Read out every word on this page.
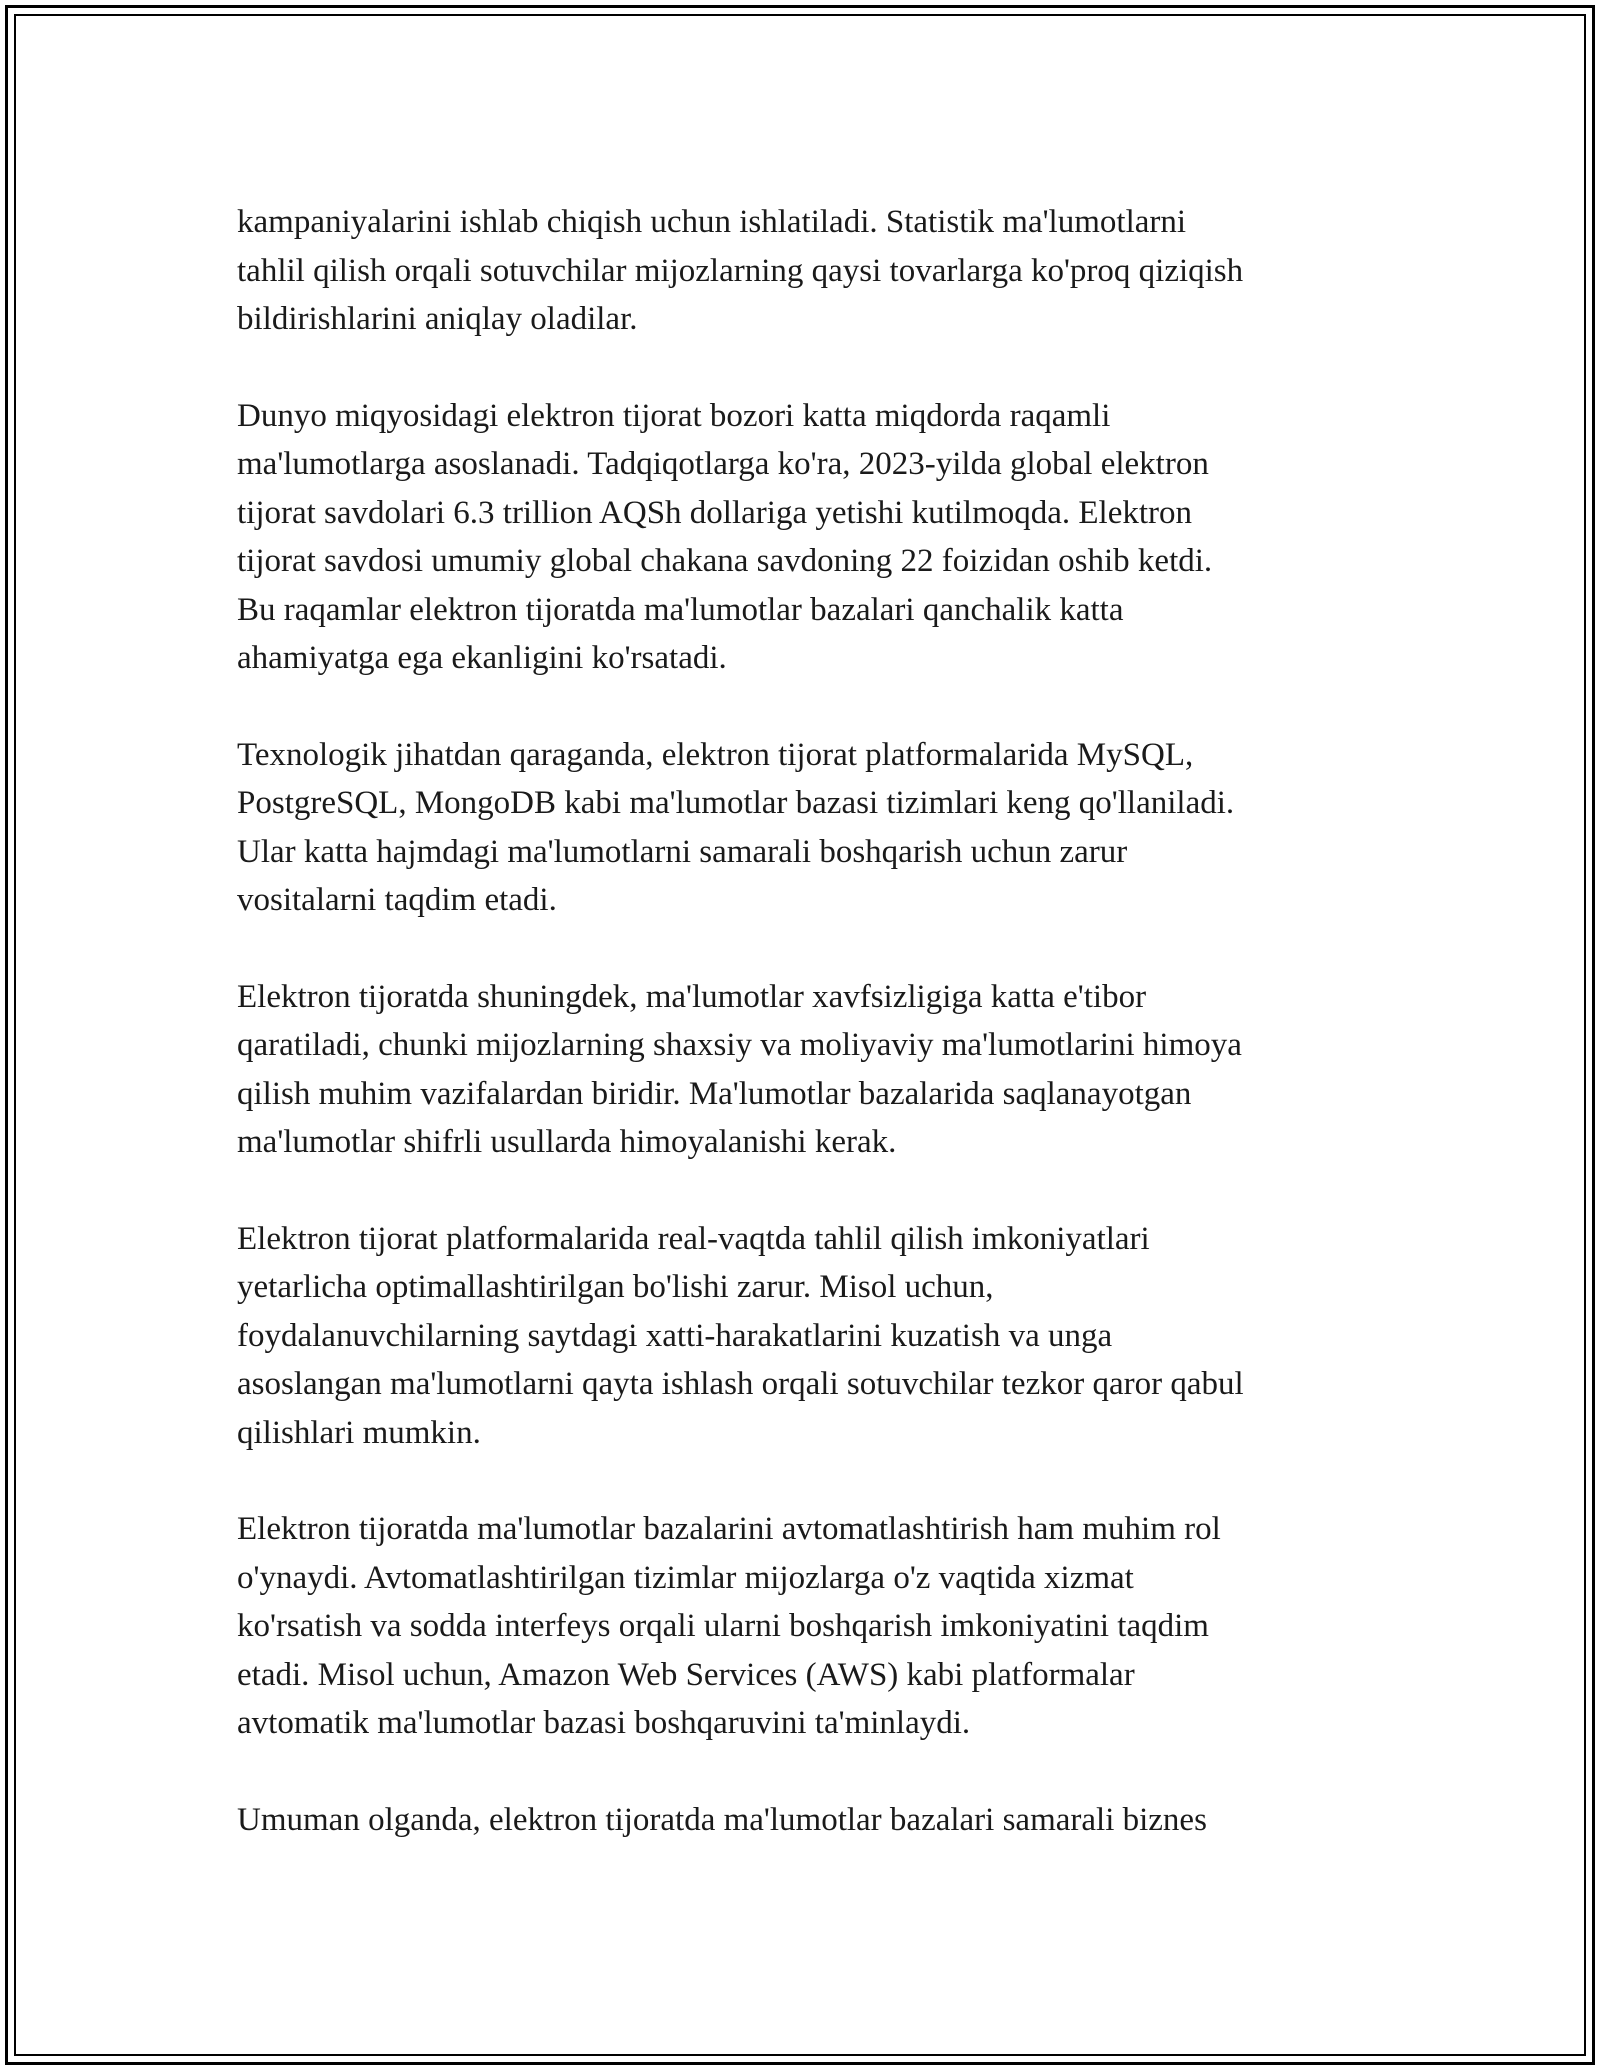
kampaniyalarini ishlab chiqish uchun ishlatiladi. Statistik ma'lumotlarni
tahlil qilish orqali sotuvchilar mijozlarning qaysi tovarlarga ko'proq qiziqish
bildirishlarini aniqlay oladilar.

Dunyo miqyosidagi elektron tijorat bozori katta miqdorda raqamli
ma'lumotlarga asoslanadi. Tadqiqotlarga ko'ra, 2023-yilda global elektron
tijorat savdolari 6.3 trillion AQSh dollariga yetishi kutilmoqda. Elektron
tijorat savdosi umumiy global chakana savdoning 22 foizidan oshib ketdi.
Bu raqamlar elektron tijoratda ma'lumotlar bazalari qanchalik katta
ahamiyatga ega ekanligini ko'rsatadi.

Texnologik jihatdan qaraganda, elektron tijorat platformalarida MySQL,
PostgreSQL, MongoDB kabi ma'lumotlar bazasi tizimlari keng qo'llaniladi.
Ular katta hajmdagi ma'lumotlarni samarali boshqarish uchun zarur
vositalarni taqdim etadi.

Elektron tijoratda shuningdek, ma'lumotlar xavfsizligiga katta e'tibor
qaratiladi, chunki mijozlarning shaxsiy va moliyaviy ma'lumotlarini himoya
qilish muhim vazifalardan biridir. Ma'lumotlar bazalarida saqlanayotgan
ma'lumotlar shifrli usullarda himoyalanishi kerak.

Elektron tijorat platformalarida real-vaqtda tahlil qilish imkoniyatlari
yetarlicha optimallashtirilgan bo'lishi zarur. Misol uchun,
foydalanuvchilarning saytdagi xatti-harakatlarini kuzatish va unga
asoslangan ma'lumotlarni qayta ishlash orqali sotuvchilar tezkor qaror qabul
qilishlari mumkin.

Elektron tijoratda ma'lumotlar bazalarini avtomatlashtirish ham muhim rol
o'ynaydi. Avtomatlashtirilgan tizimlar mijozlarga o'z vaqtida xizmat
ko'rsatish va sodda interfeys orqali ularni boshqarish imkoniyatini taqdim
etadi. Misol uchun, Amazon Web Services (AWS) kabi platformalar
avtomatik ma'lumotlar bazasi boshqaruvini ta'minlaydi.

Umuman olganda, elektron tijoratda ma'lumotlar bazalari samarali biznes
